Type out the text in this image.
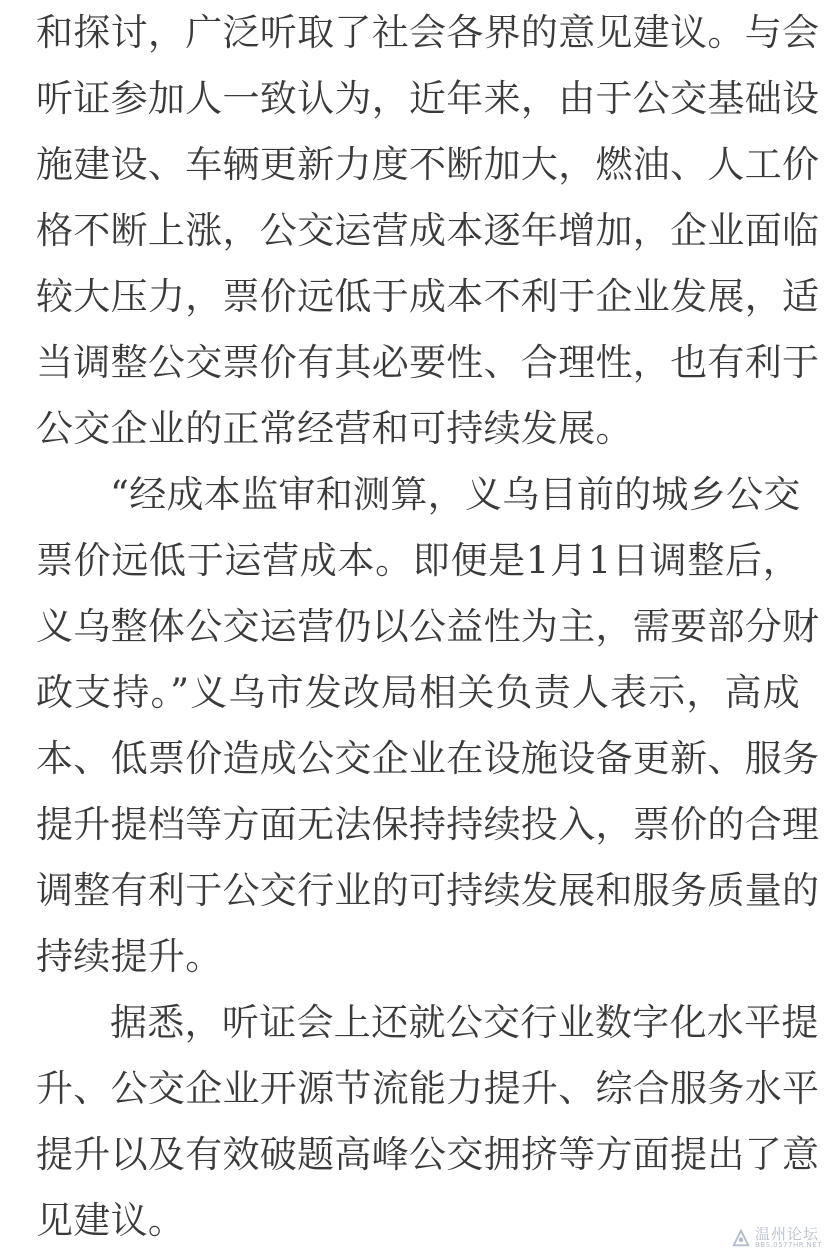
和探讨，广泛听取了社会各界的意见建议。与会
听证参加人一致认为，近年来，由于公交基础设
施建设、车辆更新力度不断加大，燃油、人工价
格不断上涨，公交运营成本逐年增加，企业面临
较大压力，票价远低于成本不利于企业发展，适
当调整公交票价有其必要性、合理性，也有利于
公交企业的正常经营和可持续发展。

“经成本监审和测算，义乌目前的城乡公交
票价远低于运营成本。即便是1月1日调整后，
义乌整体公交运营仍以公益性为主，需要部分财
政支持。”义乌市发改局相关负责人表示，高成
本、低票价造成公交企业在设施设备更新、服务
提升提档等方面无法保持持续投入，票价的合理
调整有利于公交行业的可持续发展和服务质量的
持续提升。

据悉，听证会上还就公交行业数字化水平提
升、公交企业开源节流能力提升、综合服务水平
提升以及有效破题高峰公交拥挤等方面提出了意
见建议。	温州论坛
BBS.0577HR.NET
